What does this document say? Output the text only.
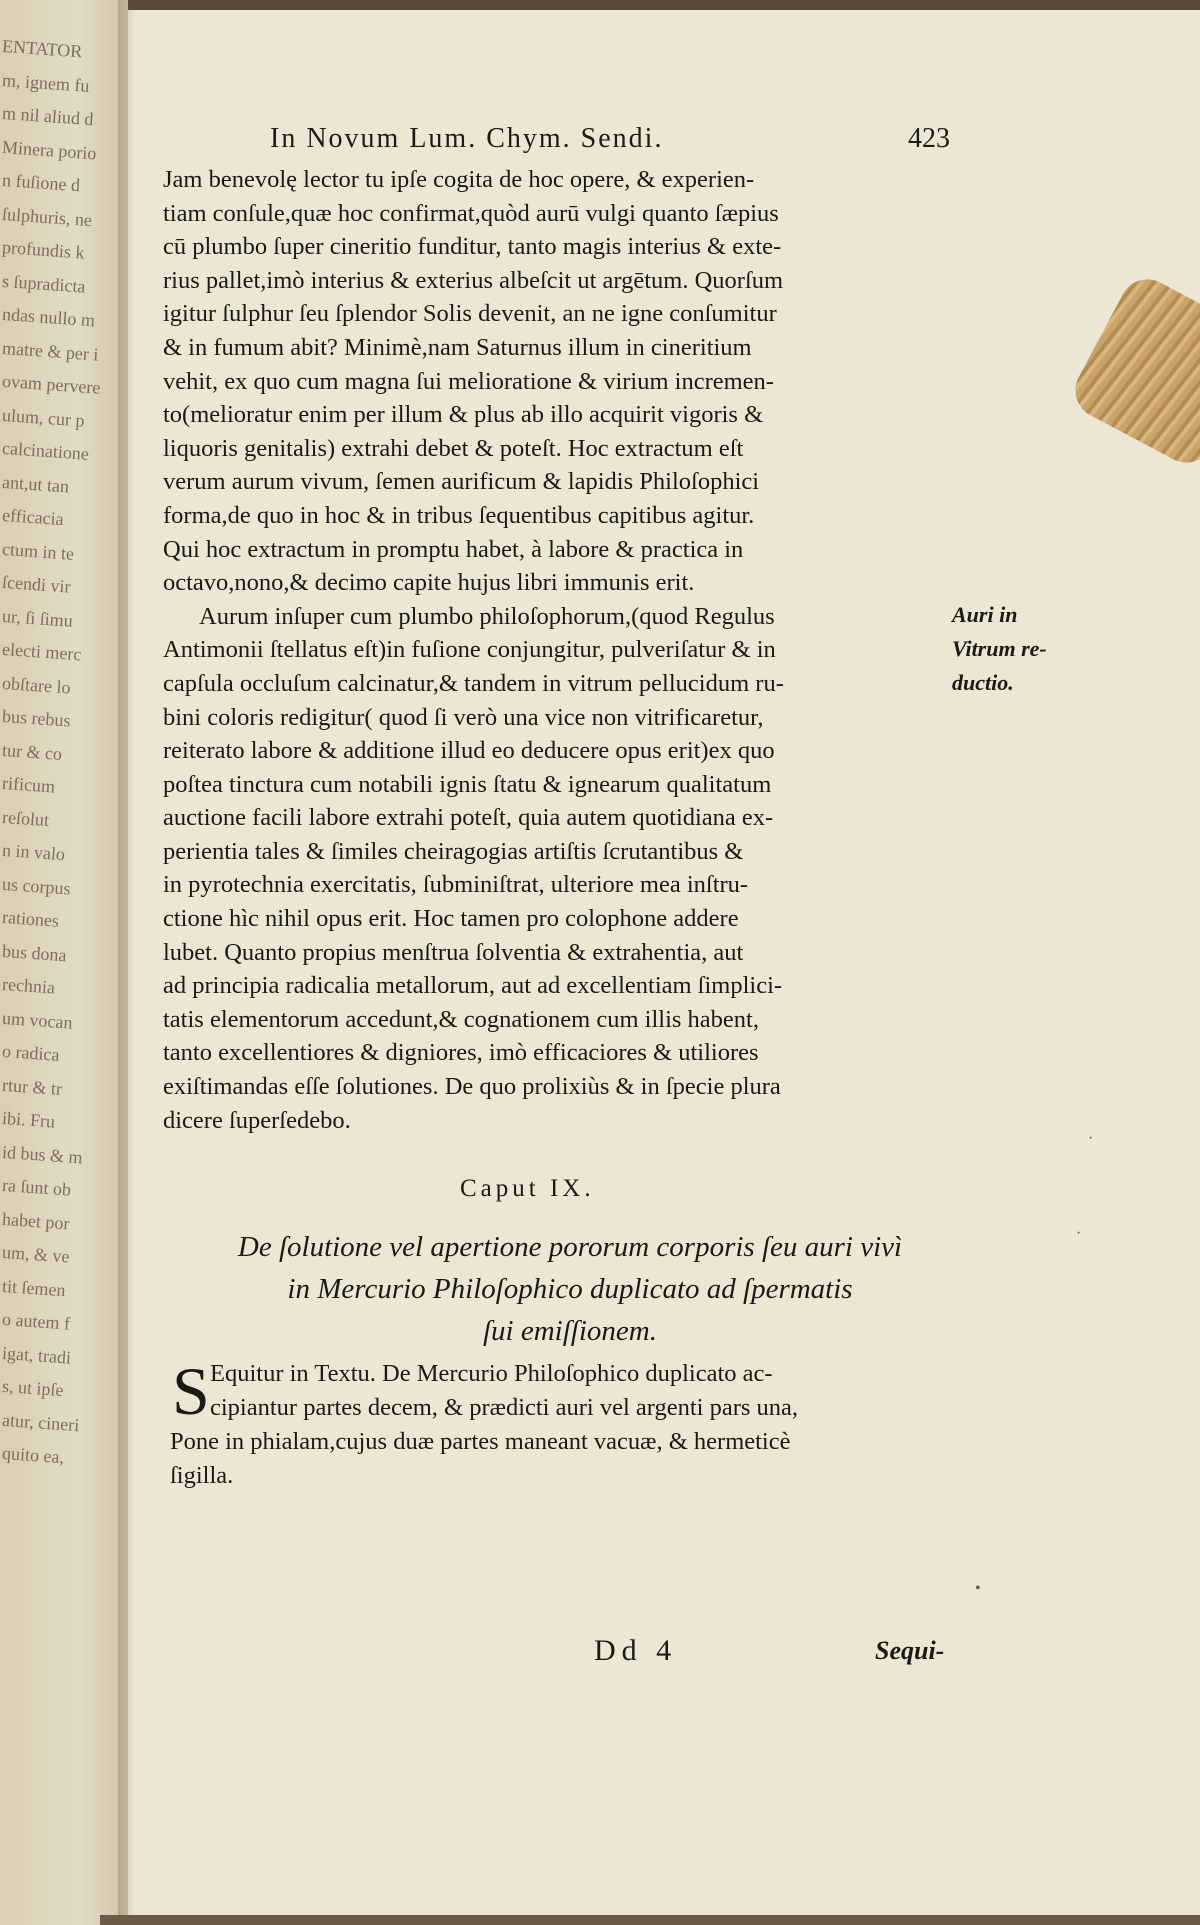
ENTATOR
m, ignem fu
m nil aliud d
Minera porio
n fuſione d
ſulphuris, ne
profundis k
s ſupradicta
ndas nullo m
matre & per i
ovam pervere
ulum, cur p
calcinatione
ant,ut tan
efficacia
ctum in te
ſcendi vir
ur, ſi ſimu
electi merc
obſtare lo
bus rebus
tur & co
rificum
reſolut
n in valo
us corpus
rationes
bus dona
rechnia
um vocan
o radica
rtur & tr
ibi. Fru
id bus & m
ra ſunt ob
habet por
um, & ve
tit ſemen
o autem f
igat, tradi
s, ut ipſe
atur, cineri
quito ea,
In Novum Lum. Chym. Sendi.	423
Jam benevolę lector tu ipſe cogita de hoc opere, & experien-
tiam conſule,quæ hoc confirmat,quòd aurū vulgi quanto ſæpius
cū plumbo ſuper cineritio funditur, tanto magis interius & exte-
rius pallet,imò interius & exterius albeſcit ut argētum. Quorſum
igitur ſulphur ſeu ſplendor Solis devenit, an ne igne conſumitur
& in fumum abit? Minimè,nam Saturnus illum in cineritium
vehit, ex quo cum magna ſui melioratione & virium incremen-
to(melioratur enim per illum & plus ab illo acquirit vigoris &
liquoris genitalis) extrahi debet & poteſt. Hoc extractum eſt
verum aurum vivum, ſemen aurificum & lapidis Philoſophici
forma,de quo in hoc & in tribus ſequentibus capitibus agitur.
Qui hoc extractum in promptu habet, à labore & practica in
octavo,nono,& decimo capite hujus libri immunis erit.
Aurum inſuper cum plumbo philoſophorum,(quod Regulus
Antimonii ſtellatus eſt)in fuſione conjungitur, pulveriſatur & in
capſula occluſum calcinatur,& tandem in vitrum pellucidum ru-
bini coloris redigitur( quod ſi verò una vice non vitrificaretur,
reiterato labore & additione illud eo deducere opus erit)ex quo
poſtea tinctura cum notabili ignis ſtatu & ignearum qualitatum
auctione facili labore extrahi poteſt, quia autem quotidiana ex-
perientia tales & ſimiles cheiragogias artiſtis ſcrutantibus &
in pyrotechnia exercitatis, ſubminiſtrat, ulteriore mea inſtru-
ctione hìc nihil opus erit. Hoc tamen pro colophone addere
lubet. Quanto propius menſtrua ſolventia & extrahentia, aut
ad principia radicalia metallorum, aut ad excellentiam ſimplici-
tatis elementorum accedunt,& cognationem cum illis habent,
tanto excellentiores & digniores, imò efficaciores & utiliores
exiſtimandas eſſe ſolutiones. De quo prolixiùs & in ſpecie plura
dicere ſuperſedebo.
Auri in
Vitrum re-
ductio.
Caput IX.
De ſolutione vel apertione pororum corporis ſeu auri vivì
in Mercurio Philoſophico duplicato ad ſpermatis
ſui emiſſionem.
S Equitur in Textu. De Mercurio Philoſophico duplicato ac-
cipiantur partes decem, & prædicti auri vel argenti pars una,
Pone in phialam,cujus duæ partes maneant vacuæ, & hermeticè
ſigilla.
Dd 4	Sequi-
·
·
•
